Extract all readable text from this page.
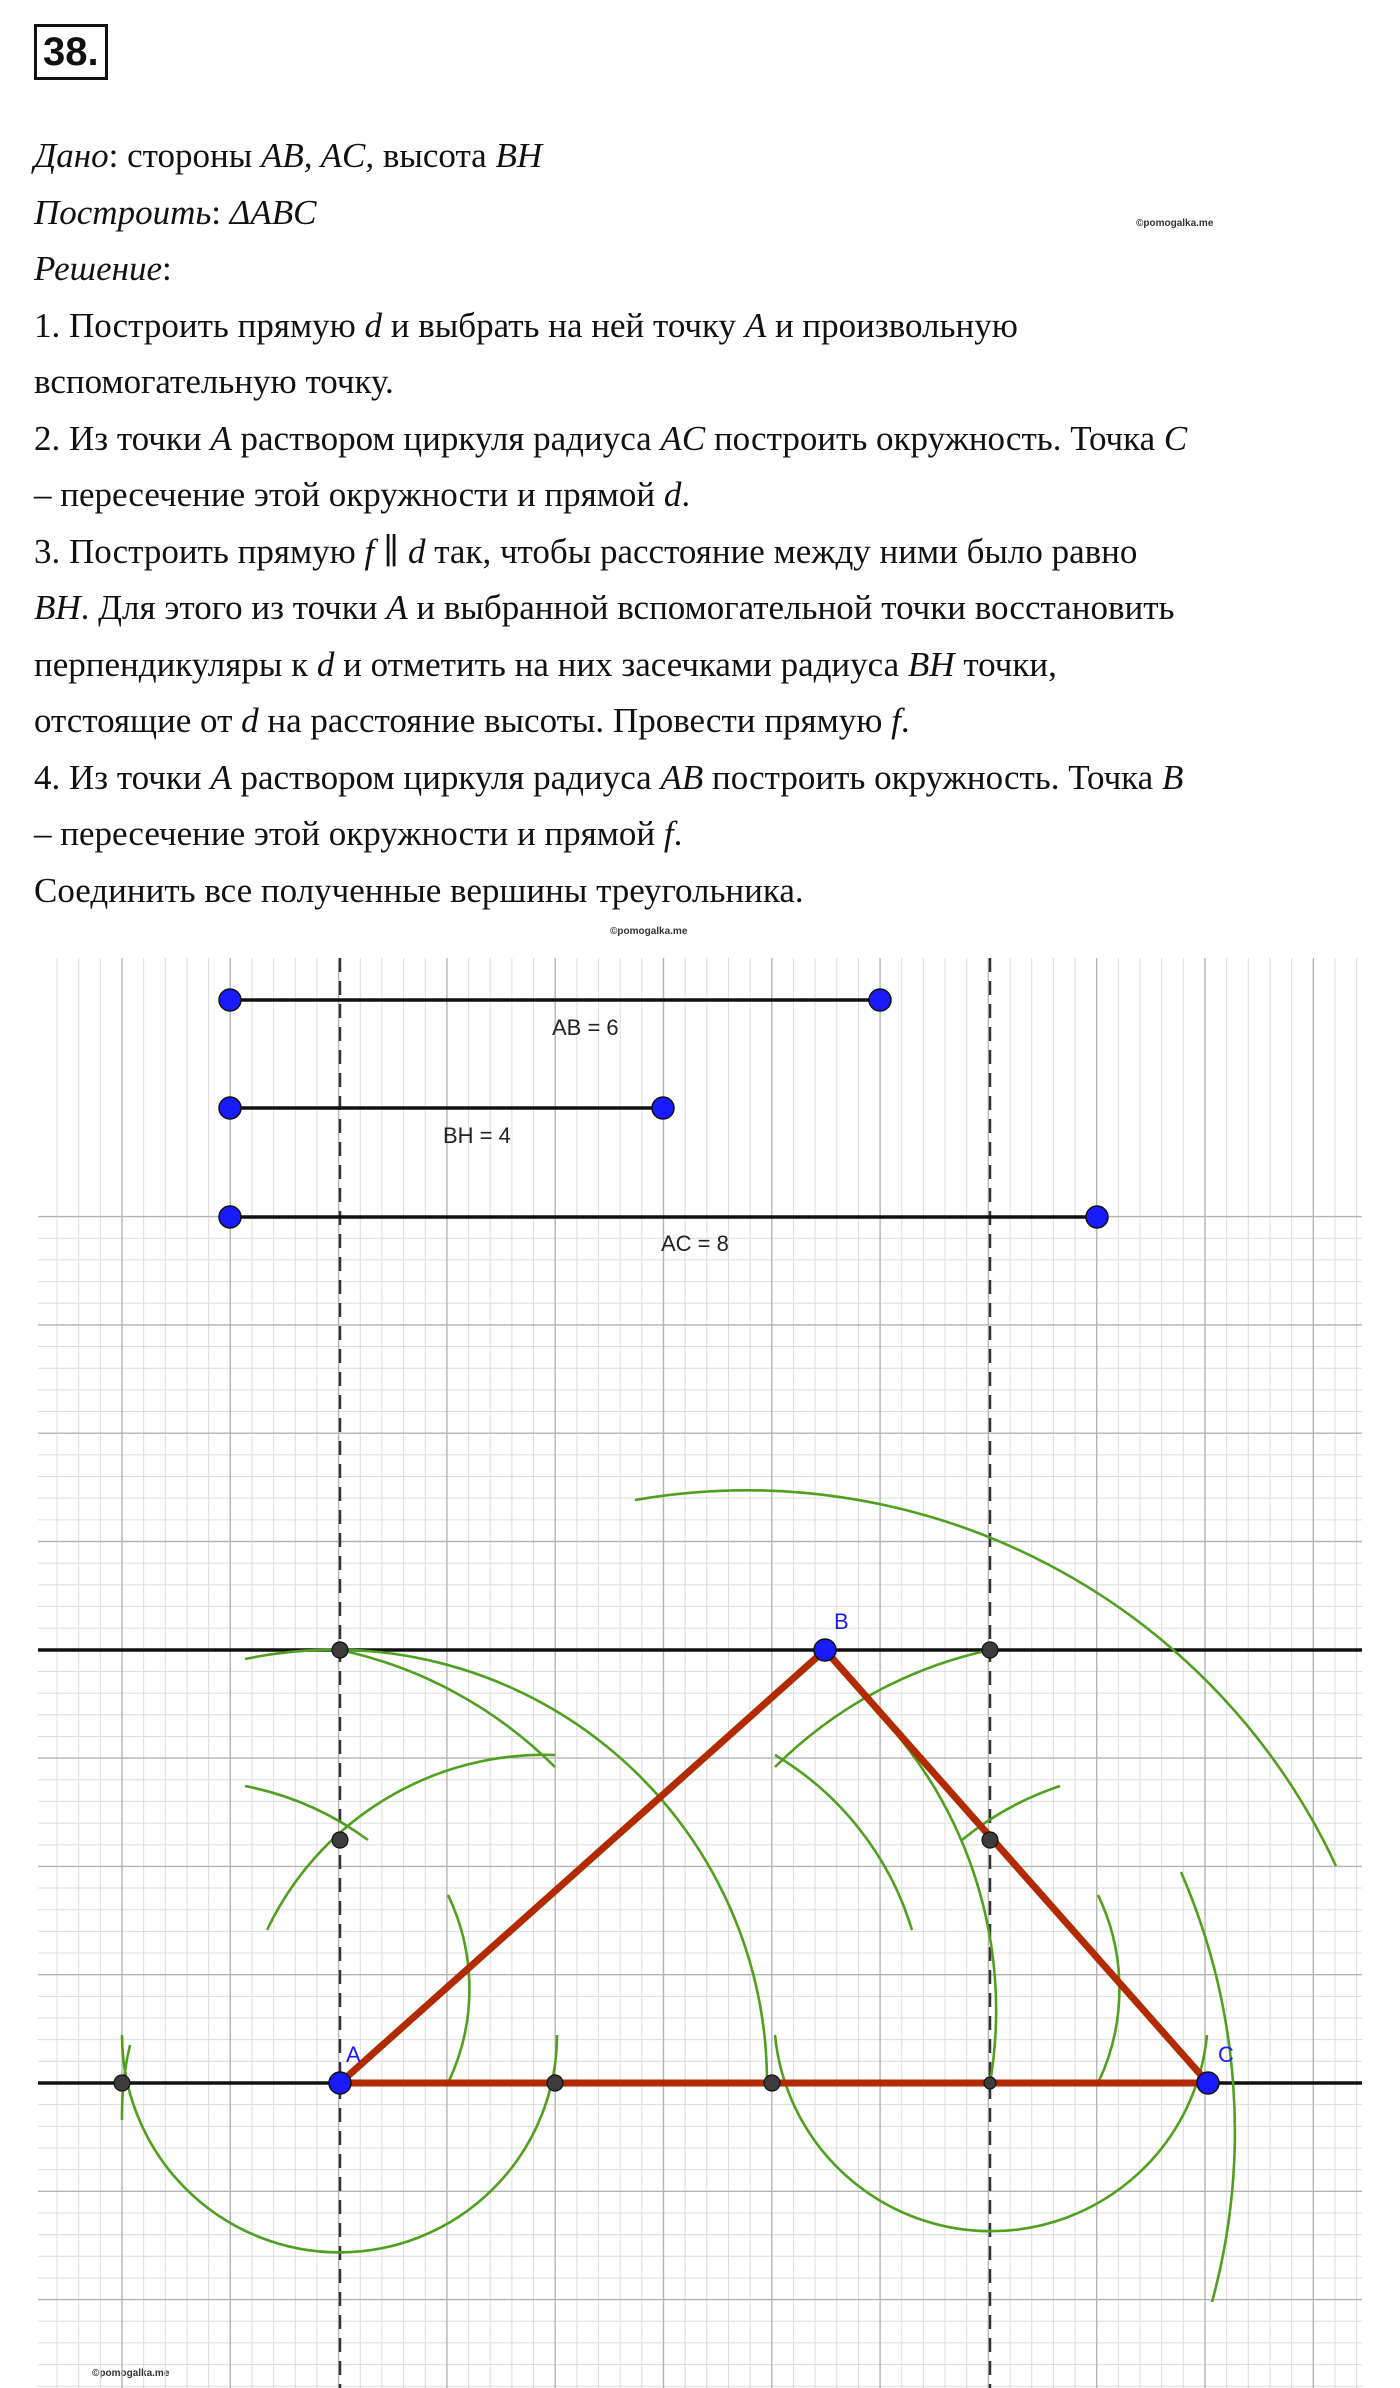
38.

Дано: стороны AB, AC, высота BH

Построить: ΔABC

Решение:

1. Построить прямую d и выбрать на ней точку A и произвольную

вспомогательную точку.

2. Из точки A раствором циркуля радиуса AC построить окружность. Точка C

– пересечение этой окружности и прямой d.

3. Построить прямую f ∥ d так, чтобы расстояние между ними было равно

BH. Для этого из точки A и выбранной вспомогательной точки восстановить

перпендикуляры к d и отметить на них засечками радиуса BH точки,

отстоящие от d на расстояние высоты. Провести прямую f.

4. Из точки A раствором циркуля радиуса AB построить окружность. Точка B

– пересечение этой окружности и прямой f.

Соединить все полученные вершины треугольника.

©pomogalka.me
©pomogalka.me
©pomogalka.me
AB = 6
BH = 4
AC = 8
A
B
C
